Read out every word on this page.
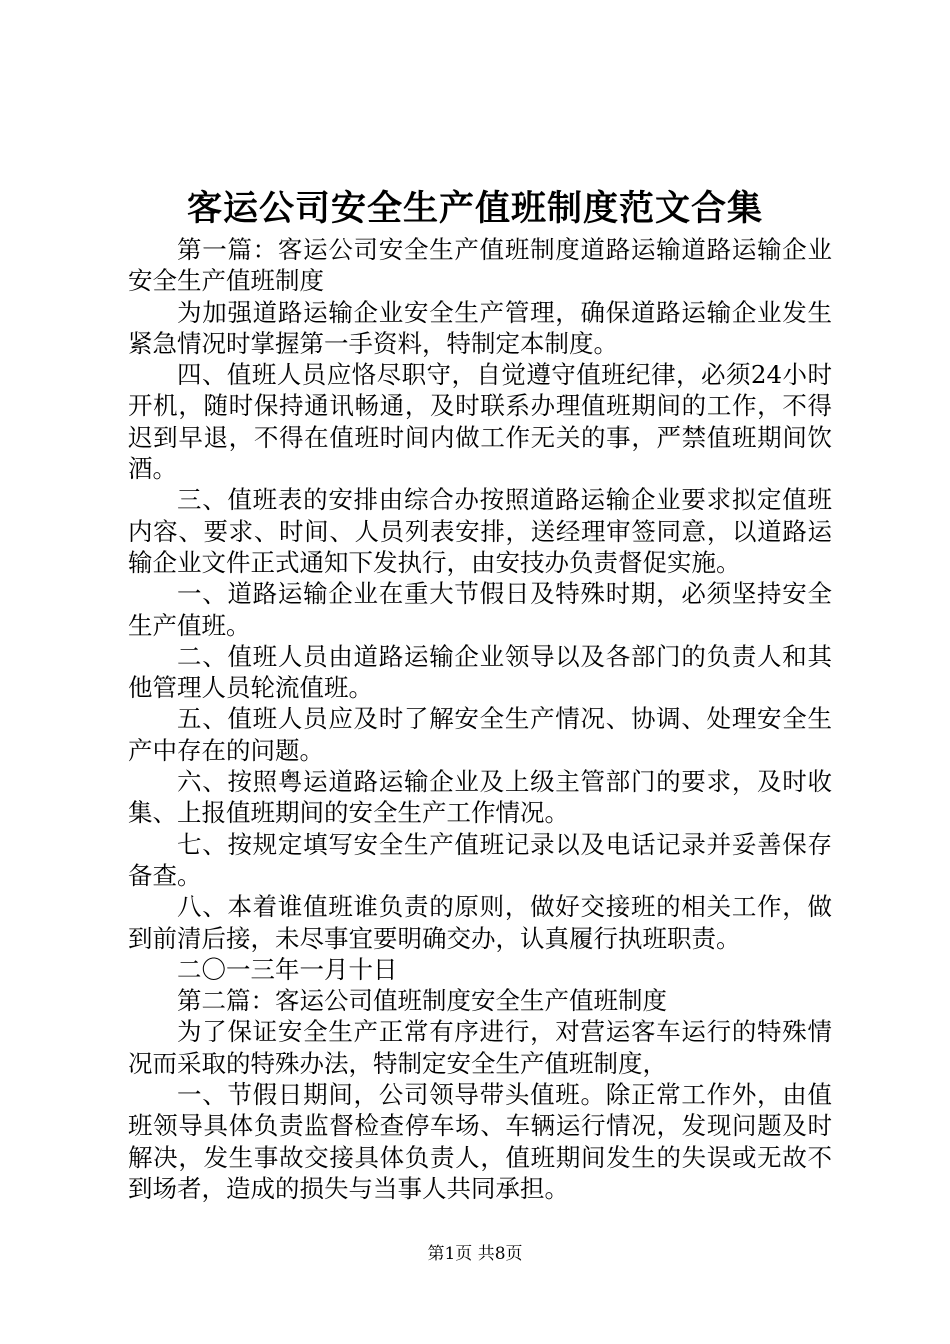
客运公司安全生产值班制度范文合集

第一篇：客运公司安全生产值班制度道路运输道路运输企业安全生产值班制度

为加强道路运输企业安全生产管理，确保道路运输企业发生紧急情况时掌握第一手资料，特制定本制度。

四、值班人员应恪尽职守，自觉遵守值班纪律，必须24小时开机，随时保持通讯畅通，及时联系办理值班期间的工作，不得迟到早退，不得在值班时间内做工作无关的事，严禁值班期间饮酒。

三、值班表的安排由综合办按照道路运输企业要求拟定值班内容、要求、时间、人员列表安排，送经理审签同意，以道路运输企业文件正式通知下发执行，由安技办负责督促实施。

一、道路运输企业在重大节假日及特殊时期，必须坚持安全生产值班。

二、值班人员由道路运输企业领导以及各部门的负责人和其他管理人员轮流值班。

五、值班人员应及时了解安全生产情况、协调、处理安全生产中存在的问题。

六、按照粤运道路运输企业及上级主管部门的要求，及时收集、上报值班期间的安全生产工作情况。

七、按规定填写安全生产值班记录以及电话记录并妥善保存备查。

八、本着谁值班谁负责的原则，做好交接班的相关工作，做到前清后接，未尽事宜要明确交办，认真履行执班职责。

二〇一三年一月十日

第二篇：客运公司值班制度安全生产值班制度

为了保证安全生产正常有序进行，对营运客车运行的特殊情况而采取的特殊办法，特制定安全生产值班制度，

一、节假日期间，公司领导带头值班。除正常工作外，由值班领导具体负责监督检查停车场、车辆运行情况，发现问题及时解决，发生事故交接具体负责人，值班期间发生的失误或无故不到场者，造成的损失与当事人共同承担。

第1页 共8页
